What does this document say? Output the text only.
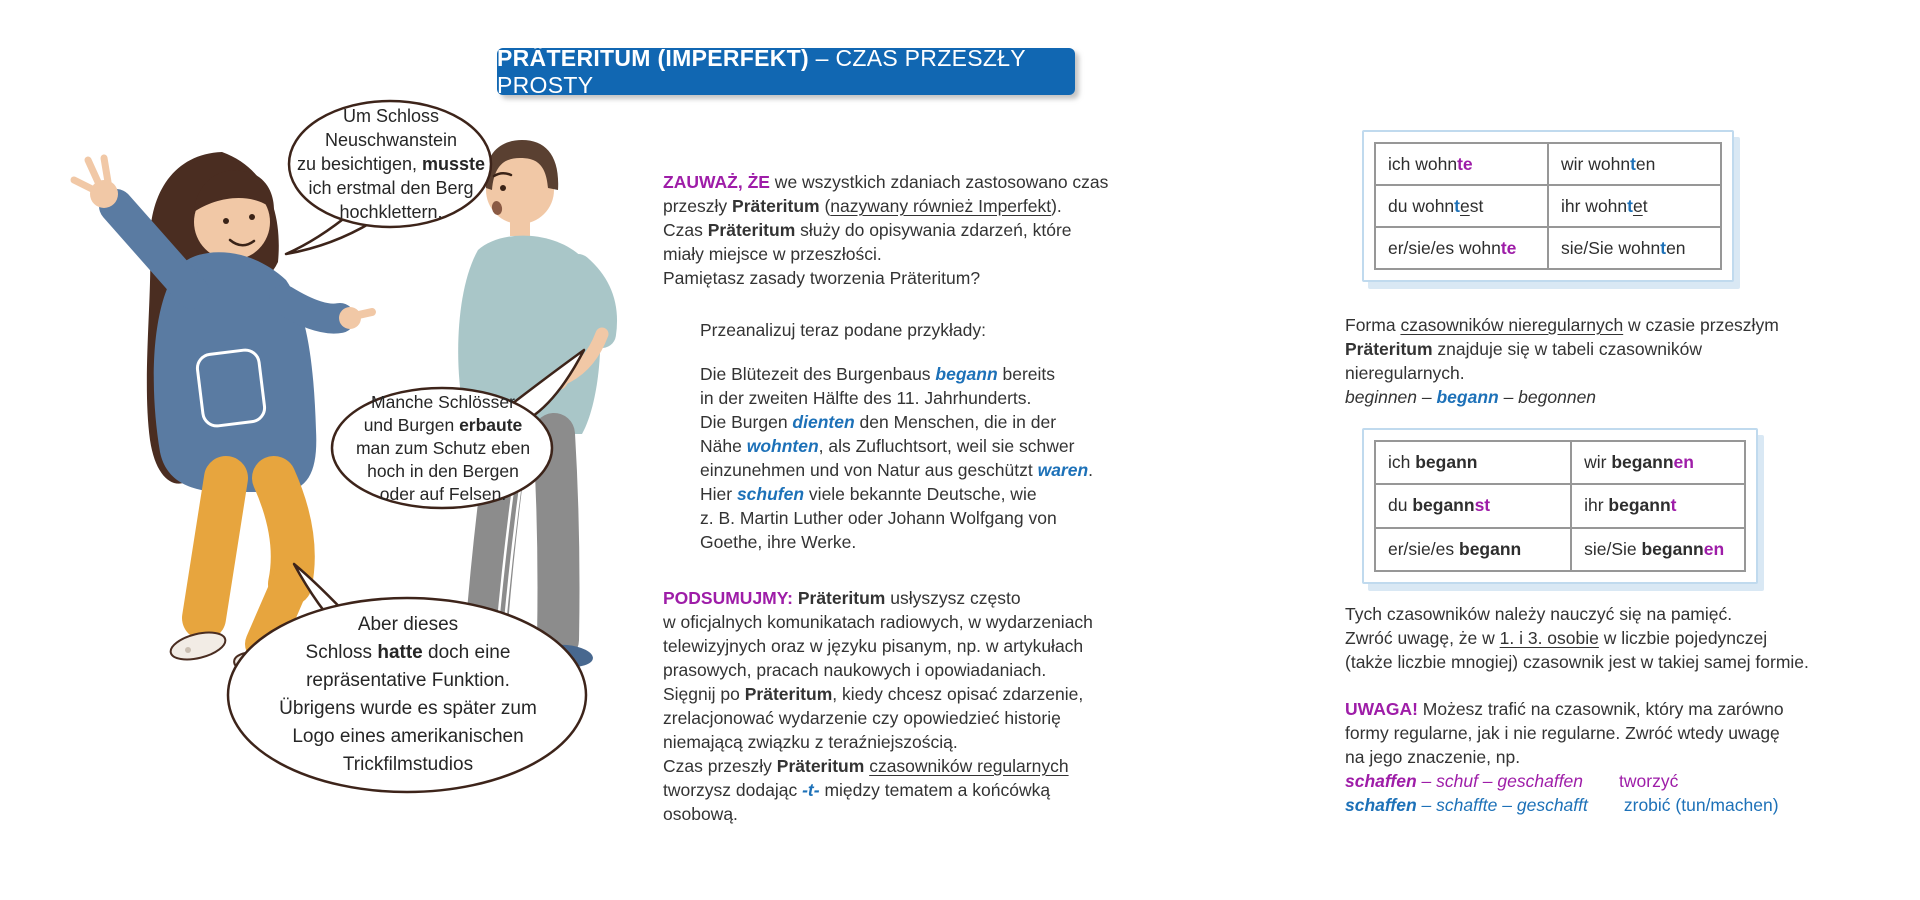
Um Schloss
Neuschwanstein
zu besichtigen, musste
ich erstmal den Berg
hochklettern.
Manche Schlösser
und Burgen erbaute
man zum Schutz eben
hoch in den Bergen
oder auf Felsen.
Aber dieses
Schloss hatte doch eine
repräsentative Funktion.
Übrigens wurde es später zum
Logo eines amerikanischen
Trickfilmstudios
PRÄTERITUM (IMPERFEKT) – CZAS PRZESZŁY PROSTY
ZAUWAŻ, ŻE we wszystkich zdaniach zastosowano czas
przeszły Präteritum (nazywany również Imperfekt).
Czas Präteritum służy do opisywania zdarzeń, które
miały miejsce w przeszłości.
Pamiętasz zasady tworzenia Präteritum?
Przeanalizuj teraz podane przykłady:
Die Blütezeit des Burgenbaus begann bereits
in der zweiten Hälfte des 11. Jahrhunderts.
Die Burgen dienten den Menschen, die in der
Nähe wohnten, als Zufluchtsort, weil sie schwer
einzunehmen und von Natur aus geschützt waren.
Hier schufen viele bekannte Deutsche, wie
z. B. Martin Luther oder Johann Wolfgang von
Goethe, ihre Werke.
PODSUMUJMY: Präteritum usłyszysz często
w oficjalnych komunikatach radiowych, w wydarzeniach
telewizyjnych oraz w języku pisanym, np. w artykułach
prasowych, pracach naukowych i opowiadaniach.
Sięgnij po Präteritum, kiedy chcesz opisać zdarzenie,
zrelacjonować wydarzenie czy opowiedzieć historię
niemającą związku z teraźniejszością.
Czas przeszły Präteritum czasowników regularnych
tworzysz dodając -t- między tematem a końcówką
osobową.
ich wohnte	wir wohnten
du wohntest	ihr wohntet
er/sie/es wohnte	sie/Sie wohnten
Forma czasowników nieregularnych w czasie przeszłym
Präteritum znajduje się w tabeli czasowników
nieregularnych.
beginnen – begann – begonnen
ich begann	wir begannen
du begannst	ihr begannt
er/sie/es begann	sie/Sie begannen
Tych czasowników należy nauczyć się na pamięć.
Zwróć uwagę, że w 1. i 3. osobie w liczbie pojedynczej
(także liczbie mnogiej) czasownik jest w takiej samej formie.
UWAGA! Możesz trafić na czasownik, który ma zarówno
formy regularne, jak i nie regularne. Zwróć wtedy uwagę
na jego znaczenie, np.
schaffen – schuf – geschaffen tworzyć
schaffen – schaffte – geschafft zrobić (tun/machen)
